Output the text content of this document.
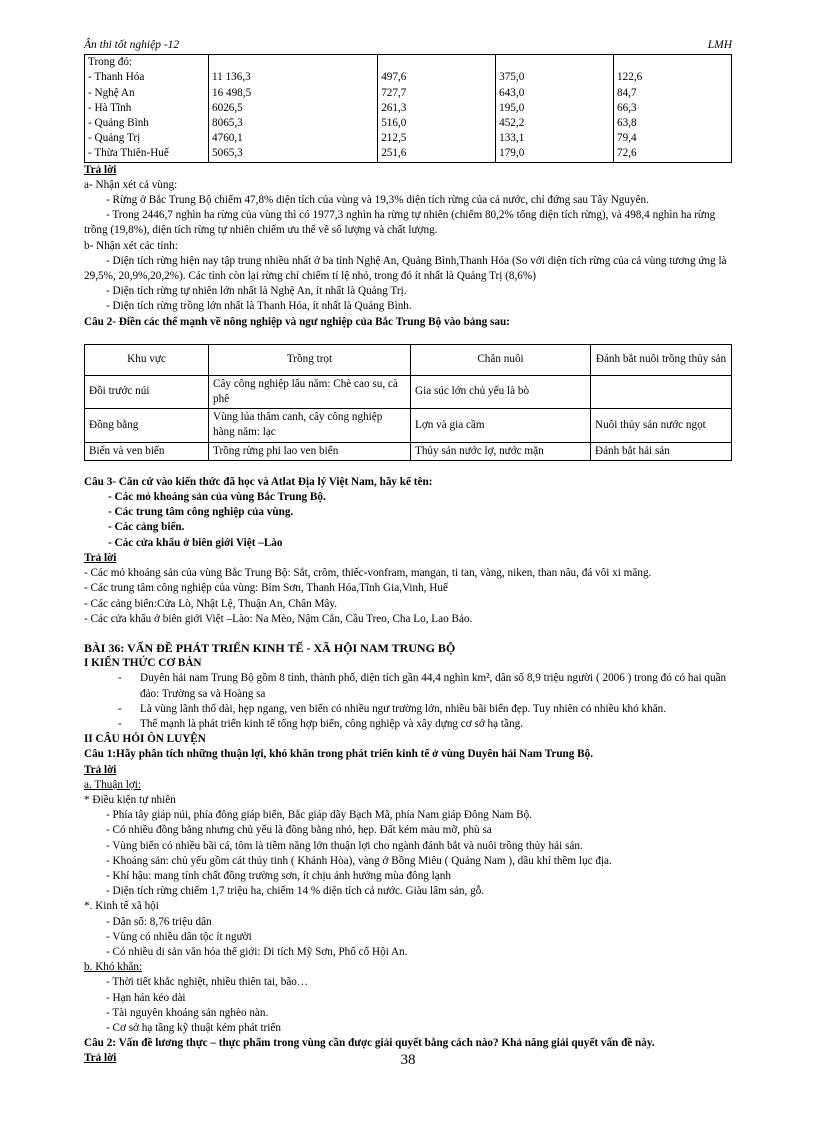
Ân thi tốt nghiệp -12	LMH
Trong đó:				
- Thanh Hóa	11 136,3	497,6	375,0	122,6
- Nghệ An	16 498,5	727,7	643,0	84,7
- Hà Tĩnh	6026,5	261,3	195,0	66,3
- Quảng Bình	8065,3	516,0	452,2	63,8
- Quảng Trị	4760,1	212,5	133,1	79,4
- Thừa Thiên-Huế	5065,3	251,6	179,0	72,6

Trả lời

a- Nhận xét cả vùng:

- Rừng ở Bắc Trung Bộ chiếm 47,8% diện tích của vùng và 19,3% diện tích rừng của cả nước, chỉ đứng sau Tây Nguyên.

- Trong 2446,7 nghìn ha rừng của vùng thì có 1977,3 nghìn ha rừng tự nhiên (chiếm 80,2% tổng diện tích rừng), và 498,4 nghìn ha rừng trồng (19,8%), diện tích rừng tự nhiên chiếm ưu thế về số lượng và chất lượng.

b- Nhận xét các tỉnh:

- Diện tích rừng hiện nay tập trung nhiều nhất ở ba tỉnh Nghệ An, Quảng Bình,Thanh Hóa (So với diện tích rừng của cả vùng tương ứng là 29,5%, 20,9%,20,2%). Các tỉnh còn lại rừng chỉ chiếm tỉ lệ nhỏ, trong đó ít nhất là Quảng Trị (8,6%)

- Diện tích rừng tự nhiên lớn nhất là Nghệ An, ít nhất là Quảng Trị.

- Diện tích rừng trồng lớn nhất là Thanh Hóa, ít nhất là Quảng Bình.

Câu 2- Điền các thế mạnh về nông nghiệp và ngư nghiệp của Bắc Trung Bộ vào bảng sau:

Khu vực	Trồng trọt	Chăn nuôi	Đánh bắt nuôi trồng thủy sản
Đồi trước núi	Cây công nghiệp lâu năm: Chè cao su, cà phê	Gia súc lớn chủ yếu là bò	
Đồng bằng	Vùng lúa thâm canh, cây công nghiệp hàng năm: lạc	Lợn và gia cầm	Nuôi thủy sản nước ngọt
Biển và ven biển	Trồng rừng phi lao ven biển	Thủy sản nước lợ, nước mặn	Đánh bắt hải sản

Câu 3- Căn cứ vào kiến thức đã học và Atlat Địa lý Việt Nam, hãy kể tên:

- Các mỏ khoáng sản của vùng Bắc Trung Bộ.

- Các trung tâm công nghiệp của vùng.

- Các cảng biển.

- Các cửa khẩu ở biên giới Việt –Lào

Trả lời

- Các mỏ khoáng sản của vùng Bắc Trung Bộ: Sắt, crôm, thiếc-vonfram, mangan, ti tan, vàng, niken, than nâu, đá vôi xi măng.

- Các trung tâm công nghiệp của vùng: Bỉm Sơn, Thanh Hóa,Tĩnh Gia,Vinh, Huế

- Các cảng biển:Cửa Lò, Nhật Lệ, Thuận An, Chân Mây.

- Các cửa khẩu ở biên giới Việt –Lào: Na Mèo, Nậm Cắn, Cầu Treo, Cha Lo, Lao Bảo.

BÀI 36: VẤN ĐỀ PHÁT TRIỂN KINH TẾ - XÃ HỘI NAM TRUNG BỘ

I KIẾN THỨC CƠ BẢN

-	Duyên hải nam Trung Bộ gồm 8 tỉnh, thành phố, diện tích gần 44,4 nghìn km², dân số 8,9 triệu người ( 2006 ) trong đó có hai quần đảo: Trường sa và Hoàng sa
-	Là vùng lãnh thổ dài, hẹp ngang, ven biển có nhiều ngư trường lớn, nhiều bãi biển đẹp. Tuy nhiên có nhiều khó khăn.
-	Thế mạnh là phát triển kinh tế tổng hợp biển, công nghiệp và xây dựng cơ sở hạ tầng.

II CÂU HỎI ÔN LUYỆN

Câu 1:Hãy phân tích những thuận lợi, khó khăn trong phát triển kinh tế ở vùng Duyên hải Nam Trung Bộ.

Trả lời

a. Thuận lợi:

* Điều kiện tự nhiên

- Phía tây giáp núi, phía đông giáp biển, Bắc giáp dãy Bạch Mã, phía Nam giáp Đông Nam Bộ.

- Có nhiều đồng bằng nhưng chủ yếu là đồng bằng nhỏ, hẹp. Đất kém màu mỡ, phù sa

- Vùng biển có nhiều bãi cá, tôm là tiềm năng lớn thuận lợi cho ngành đánh bắt và nuôi trồng thủy hải sản.

- Khoáng sản: chủ yếu gồm cát thủy tinh ( Khánh Hòa), vàng ở Bồng Miêu ( Quảng Nam ), dầu khí thềm lục địa.

- Khí hậu: mang tính chất đồng trường sơn, ít chịu ảnh hưởng mùa đông lạnh

- Diện tích rừng chiếm 1,7 triệu ha, chiếm 14 % diện tích cả nước. Giàu lâm sản, gỗ.

*. Kinh tế xã hội

- Dân số: 8,76 triệu dân

- Vùng có nhiều dân tộc ít người

- Có nhiều di sản văn hóa thế giới: Di tích Mỹ Sơn, Phố cổ Hội An.

b. Khó khăn:

- Thời tiết khắc nghiệt, nhiều thiên tai, bão…

- Hạn hán kéo dài

- Tài nguyên khoáng sản nghèo nàn.

- Cơ sở hạ tầng kỹ thuật kém phát triển

Câu 2: Vấn đề lương thực – thực phẩm trong vùng cần được giải quyết bằng cách nào? Khả năng giải quyết vấn đề này.

Trả lời	38
